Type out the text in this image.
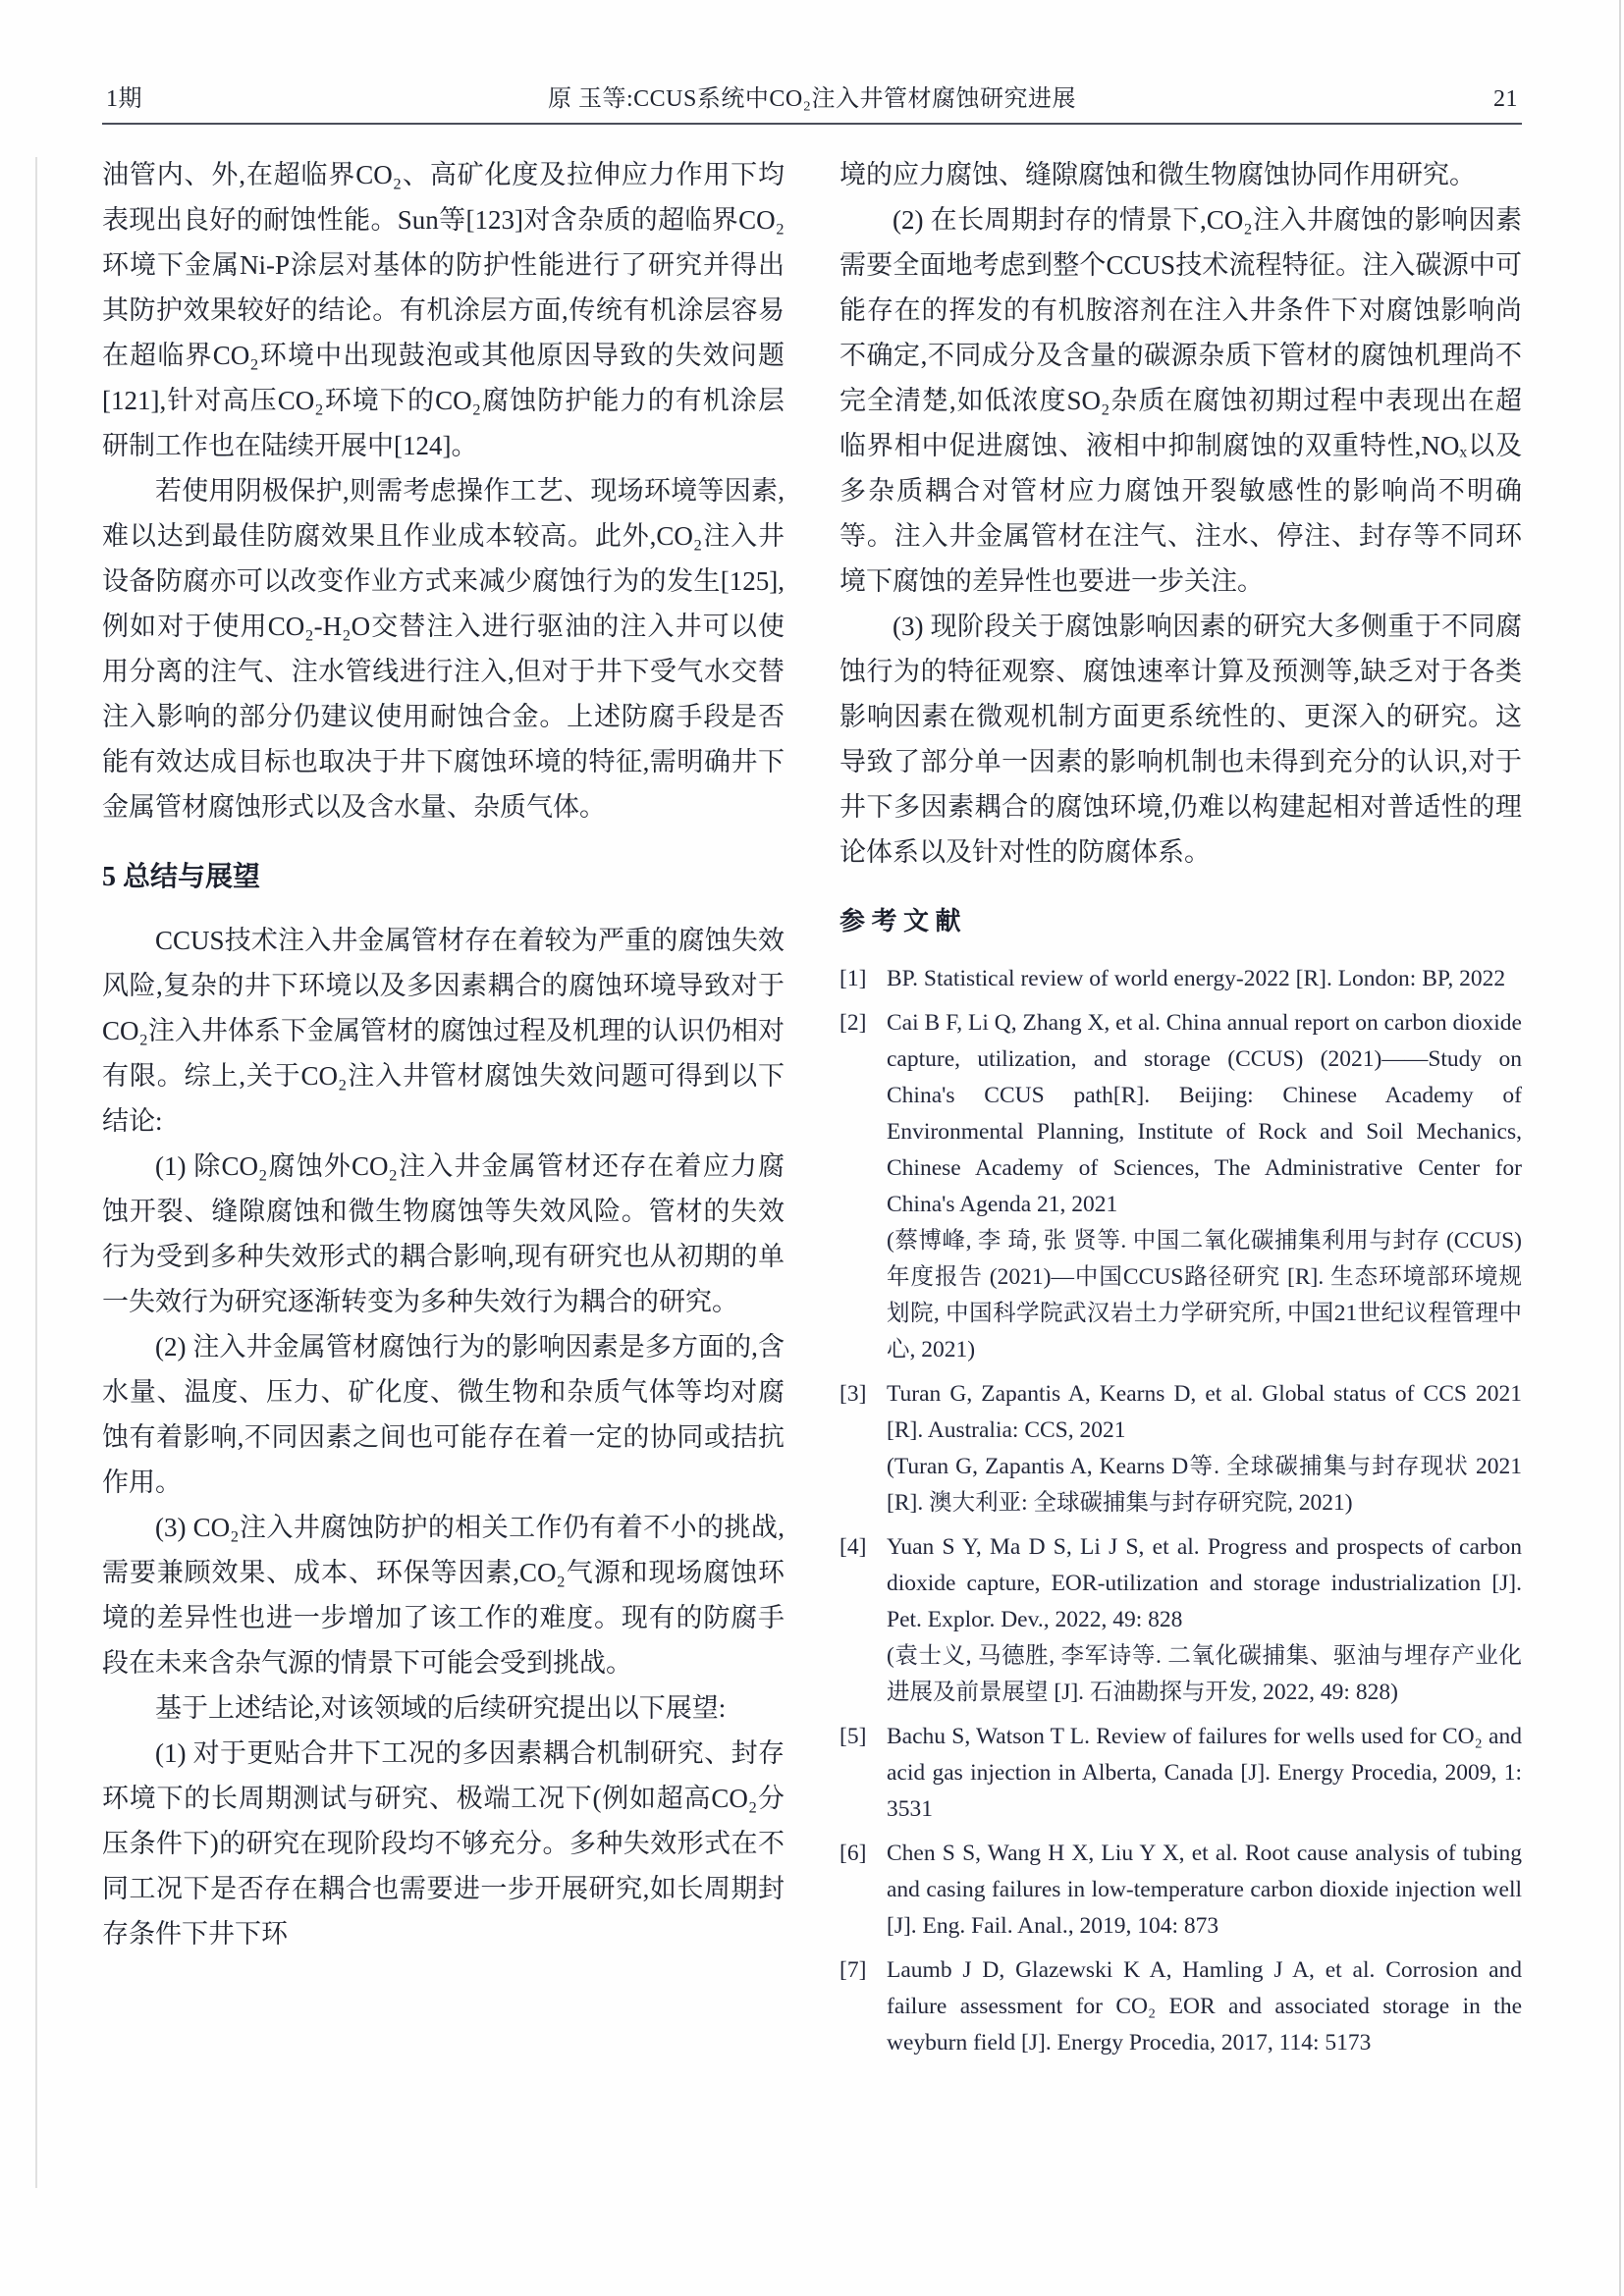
1期	原 玉等:CCUS系统中CO₂注入井管材腐蚀研究进展	21

油管内、外,在超临界CO₂、高矿化度及拉伸应力作用下均表现出良好的耐蚀性能。Sun等[123]对含杂质的超临界CO₂环境下金属Ni-P涂层对基体的防护性能进行了研究并得出其防护效果较好的结论。有机涂层方面,传统有机涂层容易在超临界CO₂环境中出现鼓泡或其他原因导致的失效问题[121],针对高压CO₂环境下的CO₂腐蚀防护能力的有机涂层研制工作也在陆续开展中[124]。

若使用阴极保护,则需考虑操作工艺、现场环境等因素,难以达到最佳防腐效果且作业成本较高。此外,CO₂注入井设备防腐亦可以改变作业方式来减少腐蚀行为的发生[125],例如对于使用CO₂-H₂O交替注入进行驱油的注入井可以使用分离的注气、注水管线进行注入,但对于井下受气水交替注入影响的部分仍建议使用耐蚀合金。上述防腐手段是否能有效达成目标也取决于井下腐蚀环境的特征,需明确井下金属管材腐蚀形式以及含水量、杂质气体。

5 总结与展望

CCUS技术注入井金属管材存在着较为严重的腐蚀失效风险,复杂的井下环境以及多因素耦合的腐蚀环境导致对于CO₂注入井体系下金属管材的腐蚀过程及机理的认识仍相对有限。综上,关于CO₂注入井管材腐蚀失效问题可得到以下结论:

(1) 除CO₂腐蚀外CO₂注入井金属管材还存在着应力腐蚀开裂、缝隙腐蚀和微生物腐蚀等失效风险。管材的失效行为受到多种失效形式的耦合影响,现有研究也从初期的单一失效行为研究逐渐转变为多种失效行为耦合的研究。

(2) 注入井金属管材腐蚀行为的影响因素是多方面的,含水量、温度、压力、矿化度、微生物和杂质气体等均对腐蚀有着影响,不同因素之间也可能存在着一定的协同或拮抗作用。

(3) CO₂注入井腐蚀防护的相关工作仍有着不小的挑战,需要兼顾效果、成本、环保等因素,CO₂气源和现场腐蚀环境的差异性也进一步增加了该工作的难度。现有的防腐手段在未来含杂气源的情景下可能会受到挑战。

基于上述结论,对该领域的后续研究提出以下展望:

(1) 对于更贴合井下工况的多因素耦合机制研究、封存环境下的长周期测试与研究、极端工况下(例如超高CO₂分压条件下)的研究在现阶段均不够充分。多种失效形式在不同工况下是否存在耦合也需要进一步开展研究,如长周期封存条件下井下环

境的应力腐蚀、缝隙腐蚀和微生物腐蚀协同作用研究。

(2) 在长周期封存的情景下,CO₂注入井腐蚀的影响因素需要全面地考虑到整个CCUS技术流程特征。注入碳源中可能存在的挥发的有机胺溶剂在注入井条件下对腐蚀影响尚不确定,不同成分及含量的碳源杂质下管材的腐蚀机理尚不完全清楚,如低浓度SO₂杂质在腐蚀初期过程中表现出在超临界相中促进腐蚀、液相中抑制腐蚀的双重特性,NOₓ以及多杂质耦合对管材应力腐蚀开裂敏感性的影响尚不明确等。注入井金属管材在注气、注水、停注、封存等不同环境下腐蚀的差异性也要进一步关注。

(3) 现阶段关于腐蚀影响因素的研究大多侧重于不同腐蚀行为的特征观察、腐蚀速率计算及预测等,缺乏对于各类影响因素在微观机制方面更系统性的、更深入的研究。这导致了部分单一因素的影响机制也未得到充分的认识,对于井下多因素耦合的腐蚀环境,仍难以构建起相对普适性的理论体系以及针对性的防腐体系。

参 考 文 献
[1] BP. Statistical review of world energy-2022 [R]. London: BP, 2022
[2] Cai B F, Li Q, Zhang X, et al. China annual report on carbon dioxide capture, utilization, and storage (CCUS) (2021)——Study on China's CCUS path[R]. Beijing: Chinese Academy of Environmental Planning, Institute of Rock and Soil Mechanics, Chinese Academy of Sciences, The Administrative Center for China's Agenda 21, 2021
(蔡博峰, 李 琦, 张 贤等. 中国二氧化碳捕集利用与封存 (CCUS) 年度报告 (2021)—中国CCUS路径研究 [R]. 生态环境部环境规划院, 中国科学院武汉岩土力学研究所, 中国21世纪议程管理中心, 2021)
[3] Turan G, Zapantis A, Kearns D, et al. Global status of CCS 2021 [R]. Australia: CCS, 2021
(Turan G, Zapantis A, Kearns D等. 全球碳捕集与封存现状 2021 [R]. 澳大利亚: 全球碳捕集与封存研究院, 2021)
[4] Yuan S Y, Ma D S, Li J S, et al. Progress and prospects of carbon dioxide capture, EOR-utilization and storage industrialization [J]. Pet. Explor. Dev., 2022, 49: 828
(袁士义, 马德胜, 李军诗等. 二氧化碳捕集、驱油与埋存产业化进展及前景展望 [J]. 石油勘探与开发, 2022, 49: 828)
[5] Bachu S, Watson T L. Review of failures for wells used for CO₂ and acid gas injection in Alberta, Canada [J]. Energy Procedia, 2009, 1: 3531
[6] Chen S S, Wang H X, Liu Y X, et al. Root cause analysis of tubing and casing failures in low-temperature carbon dioxide injection well [J]. Eng. Fail. Anal., 2019, 104: 873
[7] Laumb J D, Glazewski K A, Hamling J A, et al. Corrosion and failure assessment for CO₂ EOR and associated storage in the weyburn field [J]. Energy Procedia, 2017, 114: 5173
